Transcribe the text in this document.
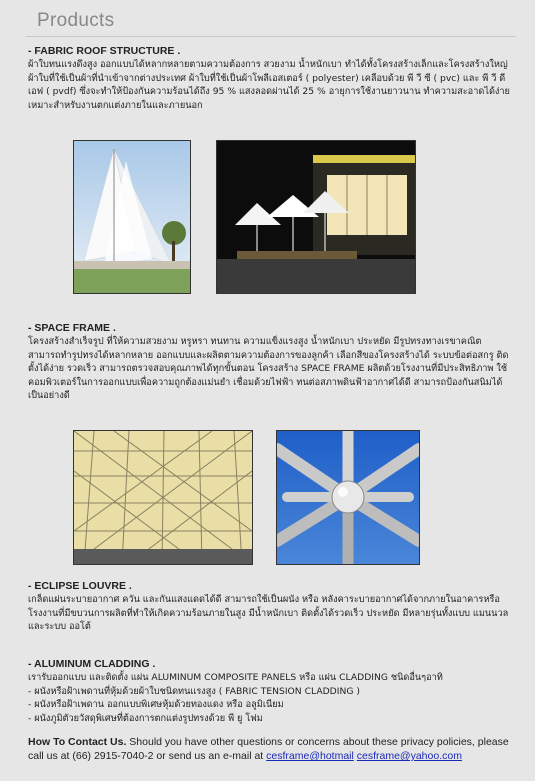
Products
- FABRIC ROOF STRUCTURE .

ผ้าใบทนแรงดึงสูง ออกแบบได้หลากหลายตามความต้องการ สวยงาม น้ำหนักเบา ทำได้ทั้งโครงสร้างเล็กและโครงสร้างใหญ่ ผ้าใบที่ใช้เป็นผ้าที่นำเข้าจากต่างประเทศ ผ้าใบที่ใช้เป็นผ้าโพลีเอสเตอร์ ( polyester) เคลือบด้วย พี วี ซี ( pvc) และ พี วี ดี เอฟ ( pvdf) ซึ่งจะทำให้ป้องกันความร้อนได้ถึง 95 % แสงลอดผ่านได้ 25 % อายุการใช้งานยาวนาน ทำความสะอาดได้ง่าย เหมาะสำหรับงานตกแต่งภายในและภายนอก

- SPACE FRAME .

โครงสร้างสำเร็จรูป ที่ให้ความสวยงาม หรูหรา ทนทาน ความแข็งแรงสูง น้ำหนักเบา ประหยัด มีรูปทรงทางเรขาคณิต สามารถทำรูปทรงได้หลากหลาย ออกแบบและผลิตตามความต้องการของลูกค้า เลือกสีของโครงสร้างได้ ระบบข้อต่อสกรู ติดตั้งได้ง่าย รวดเร็ว สามารถตรวจสอบคุณภาพได้ทุกขั้นตอน โครงสร้าง SPACE FRAME ผลิตด้วยโรงงานที่มีประสิทธิภาพ ใช้คอมพิวเตอร์ในการออกแบบเพื่อความถูกต้องแม่นยำ เชื่อมด้วยไฟฟ้า ทนต่อสภาพดินฟ้าอากาศได้ดี สามารถป้องกันสนิมได้เป็นอย่างดี

- ECLIPSE LOUVRE .

เกล็ดแผ่นระบายอากาศ ควัน และกันแสงแดดได้ดี สามารถใช้เป็นผนัง หรือ หลังคาระบายอากาศได้จากภายในอาคารหรือโรงงานที่มีขบวนการผลิตที่ทำให้เกิดความร้อนภายในสูง มีน้ำหนักเบา ติดตั้งได้รวดเร็ว ประหยัด มีหลายรุ่นทั้งแบบ แมนนวล และระบบ ออโต้

- ALUMINUM CLADDING .

เรารับออกแบบ และติดตั้ง แผ่น ALUMINUM COMPOSITE PANELS หรือ แผ่น CLADDING ชนิดอื่นๆอาทิ

- ผนังหรือฝ้าเพดานที่หุ้มด้วยผ้าใบชนิดทนแรงสูง ( FABRIC TENSION CLADDING )
- ผนังหรือฝ้าเพดาน ออกแบบพิเศษหุ้มด้วยทองแดง หรือ อลูมิเนียม
- ผนังภูมิตัวยวัสดุพิเศษที่ต้องการตกแต่งรูปทรงด้วย พี ยู โฟม
How To Contact Us. Should you have other questions or concerns about these privacy policies, please call us at (66) 2915-7040-2 or send us an e-mail at cesframe@hotmail cesframe@yahoo.com
